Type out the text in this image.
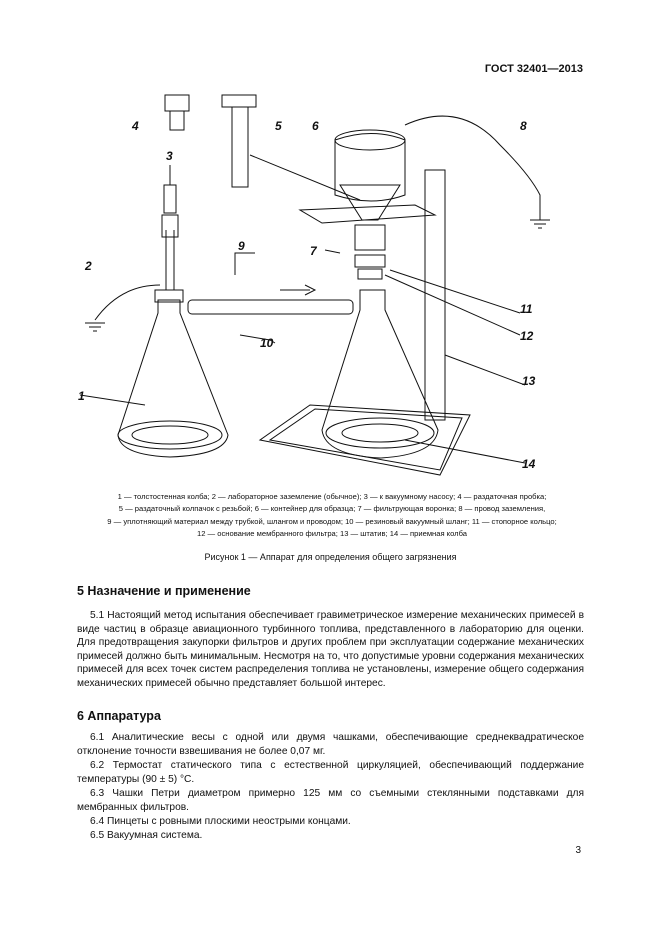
ГОСТ 32401—2013
1
2
3
4	5	6
7
8
9
10
11
12
13
14
1 — толстостенная колба; 2 — лабораторное заземление (обычное); 3 — к вакуумному насосу; 4 — раздаточная пробка;
5 — раздаточный колпачок с резьбой; 6 — контейнер для образца; 7 — фильтрующая воронка; 8 — провод заземления,
9 — уплотняющий материал между трубкой, шлангом и проводом; 10 — резиновый вакуумный шланг; 11 — стопорное кольцо;
12 — основание мембранного фильтра; 13 — штатив; 14 — приемная колба
Рисунок 1 — Аппарат для определения общего загрязнения
5 Назначение и применение
5.1 Настоящий метод испытания обеспечивает гравиметрическое измерение механических примесей в виде частиц в образце авиационного турбинного топлива, представленного в лабораторию для оценки. Для предотвращения закупорки фильтров и других проблем при эксплуатации содержание механических примесей должно быть минимальным. Несмотря на то, что допустимые уровни содержания механических примесей для всех точек систем распределения топлива не установлены, измерение общего содержания механических примесей обычно представляет большой интерес.
6 Аппаратура
6.1 Аналитические весы с одной или двумя чашками, обеспечивающие среднеквадратическое отклонение точности взвешивания не более 0,07 мг.
6.2 Термостат статического типа с естественной циркуляцией, обеспечивающий поддержание температуры (90 ± 5) °C.
6.3 Чашки Петри диаметром примерно 125 мм со съемными стеклянными подставками для мембранных фильтров.
6.4 Пинцеты с ровными плоскими неострыми концами.
6.5 Вакуумная система.
3
